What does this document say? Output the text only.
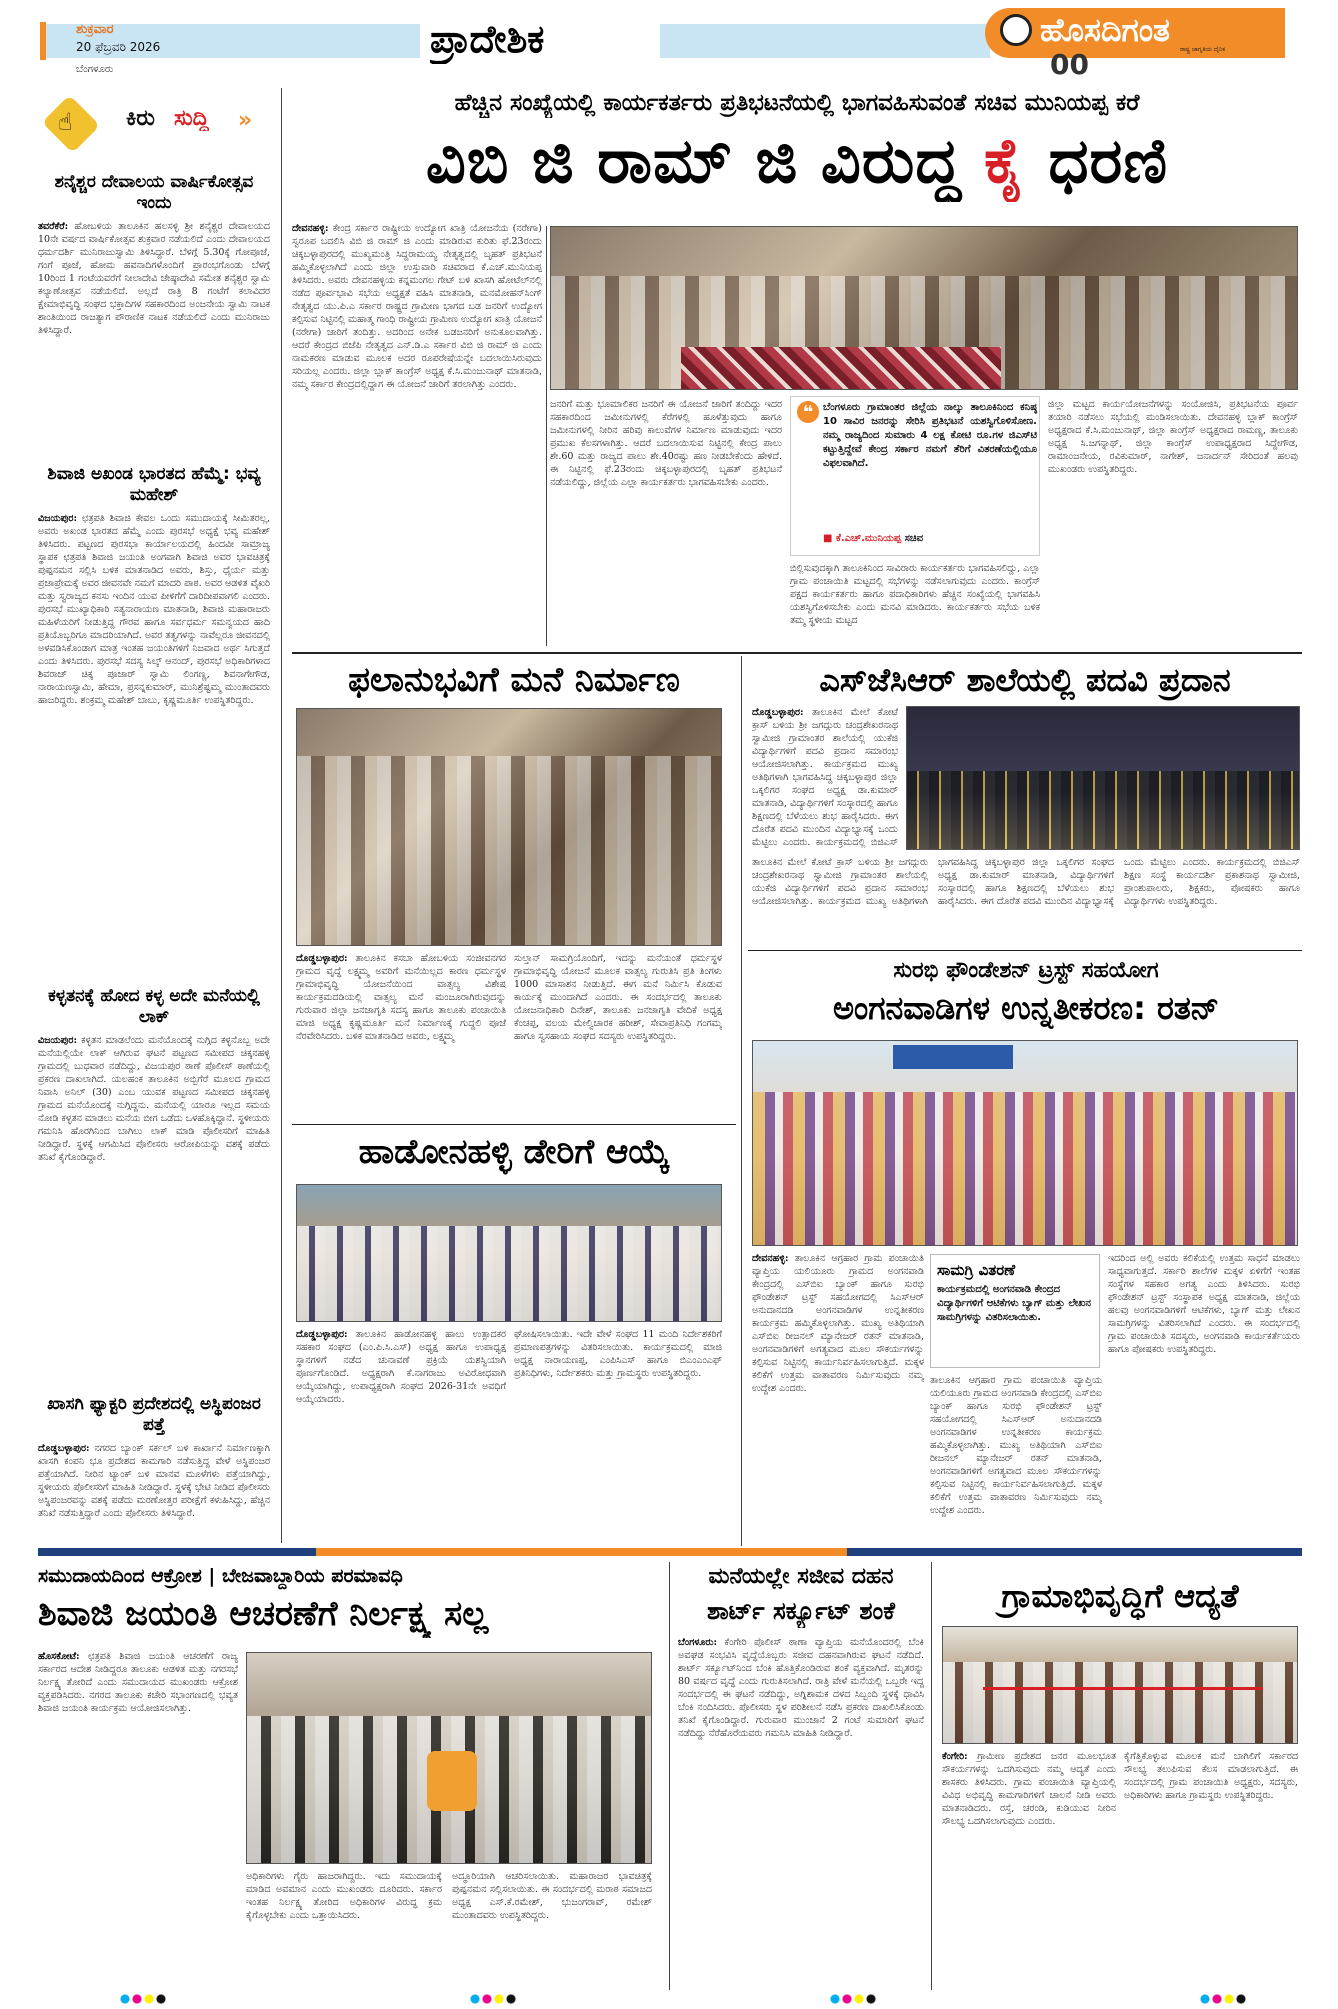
ಶುಕ್ರವಾರ
20 ಫೆಬ್ರವರಿ 2026
ಬೆಂಗಳೂರು
ಪ್ರಾದೇಶಿಕ	ಹೊಸದಿಗಂತ
ರಾಷ್ಟ್ರ ಜಾಗೃತಿಯ ದೈನಿಕ
00
☝ ಕಿರು ಸುದ್ದಿ »
ಶನೈಶ್ಚರ ದೇವಾಲಯ ವಾರ್ಷಿಕೋತ್ಸವ ಇಂದು
ತವರೆಕೆರೆ: ಹೋಬಳಿಯ ತಾಲೂಕಿನ ಹಲಸಳ್ಳಿ ಶ್ರೀ ಶನೈಶ್ಚರ ದೇವಾಲಯದ 10ನೇ ವರ್ಷದ ವಾರ್ಷಿಕೋತ್ಸವ ಶುಕ್ರವಾರ ನಡೆಯಲಿದೆ ಎಂದು ದೇವಾಲಯದ ಧರ್ಮದರ್ಶಿ ಮುನಿರಾಜುಸ್ವಾಮಿ ತಿಳಿಸಿದ್ದಾರೆ. ಬೆಳಗ್ಗೆ 5.30ಕ್ಕೆ ಗೋಪೂಜೆ, ಗಂಗೆ ಪೂಜೆ, ಹೋಮ ಹವನಾದಿಗಳೊಂದಿಗೆ ಪ್ರಾರಂಭಗೊಂಡು ಬೆಳಗ್ಗೆ 10ರಿಂದ 1 ಗಂಟೆಯವರೆಗೆ ನೀಲಾದೇವಿ ಜೇಷ್ಠಾದೇವಿ ಸಮೇತ ಶನೈಶ್ಚರ ಸ್ವಾಮಿ ಕಲ್ಯಾಣೋತ್ಸವ ನಡೆಯಲಿದೆ. ಅಲ್ಲದೆ ರಾತ್ರಿ 8 ಗಂಟೆಗೆ ಕಲಾವಿದರ ಕ್ಷೇಮಾಭಿವೃದ್ಧಿ ಸಂಘದ ಭಕ್ತಾದಿಗಳ ಸಹಕಾರದಿಂದ ಅಂಜನೇಯ ಸ್ವಾಮಿ ನಾಟಕ ಶಾಂತಿಯಿಂದ ರಾಜತ್ಯಾಗ ಪೌರಾಣಿಕ ನಾಟಕ ನಡೆಯಲಿದೆ ಎಂದು ಮುನಿರಾಜು ತಿಳಿಸಿದ್ದಾರೆ.
ಶಿವಾಜಿ ಅಖಂಡ ಭಾರತದ ಹೆಮ್ಮೆ: ಭವ್ಯ ಮಹೇಶ್
ವಿಜಯಪುರ: ಛತ್ರಪತಿ ಶಿವಾಜಿ ಕೇವಲ ಒಂದು ಸಮುದಾಯಕ್ಕೆ ಸೀಮಿತರಲ್ಲ, ಅವರು ಅಖಂಡ ಭಾರತದ ಹೆಮ್ಮೆ ಎಂದು ಪುರಸಭೆ ಅಧ್ಯಕ್ಷೆ ಭವ್ಯ ಮಹೇಶ್ ತಿಳಿಸಿದರು. ಪಟ್ಟಣದ ಪುರಸಭಾ ಕಾರ್ಯಾಲಯದಲ್ಲಿ ಹಿಂದವೀ ಸಾಮ್ರಾಜ್ಯ ಸ್ಥಾಪಕ ಛತ್ರಪತಿ ಶಿವಾಜಿ ಜಯಂತಿ ಅಂಗವಾಗಿ ಶಿವಾಜಿ ಅವರ ಭಾವಚಿತ್ರಕ್ಕೆ ಪುಷ್ಪನಮನ ಸಲ್ಲಿಸಿ ಬಳಿಕ ಮಾತನಾಡಿದ ಅವರು, ಶಿಸ್ತು, ಧೈರ್ಯ ಮತ್ತು ಪ್ರಜಾಪ್ರೇಮಕ್ಕೆ ಅವರ ಜೀವನವೇ ನಮಗೆ ಮಾದರಿ ಪಾಠ. ಅವರ ಆಡಳಿತ ವೈಖರಿ ಮತ್ತು ಸ್ವರಾಜ್ಯದ ಕನಸು ಇಂದಿನ ಯುವ ಪೀಳಿಗೆಗೆ ದಾರಿದೀಪವಾಗಲಿ ಎಂದರು. ಪುರಸಭೆ ಮುಖ್ಯಾಧಿಕಾರಿ ಸತ್ಯನಾರಾಯಣ ಮಾತನಾಡಿ, ಶಿವಾಜಿ ಮಹಾರಾಜರು ಮಹಿಳೆಯರಿಗೆ ನೀಡುತ್ತಿದ್ದ ಗೌರವ ಹಾಗೂ ಸರ್ವಧರ್ಮ ಸಮನ್ವಯದ ಹಾದಿ ಪ್ರತಿಯೊಬ್ಬರಿಗೂ ಮಾದರಿಯಾಗಿದೆ. ಅವರ ತತ್ವಗಳನ್ನು ನಾವೆಲ್ಲರೂ ಜೀವನದಲ್ಲಿ ಅಳವಡಿಸಿಕೊಂಡಾಗ ಮಾತ್ರ ಇಂತಹ ಜಯಂತಿಗಳಿಗೆ ನಿಜವಾದ ಅರ್ಥ ಸಿಗುತ್ತದೆ ಎಂದು ತಿಳಿಸಿದರು. ಪುರಸಭೆ ಸದಸ್ಯ ಸಿಲ್ಕ್ ಆನಂದ್, ಪುರಸಭೆ ಅಧಿಕಾರಿಗಳಾದ ಶಿವರಾಜ್ ಚಿಕ್ಕ ಪೂಜಾರ್ ಸ್ವಾಮಿ ಲಿಂಗಣ್ಣ, ಶಿವನಾಗೇಗೌಡ, ನಾರಾಯಣಸ್ವಾಮಿ, ಹೇಮಾ, ಪ್ರಸನ್ನಕುಮಾರ್, ಮುನಿಶ್ರೆಷ್ಟಮ್ಮ ಮುಂತಾದವರು ಹಾಜರಿದ್ದರು. ಶಂಕ್ರಮ್ಮ ಮಹೇಶ್ ಬಾಬು, ಕೃಷ್ಣಮೂರ್ತಿ ಉಪಸ್ಥಿತರಿದ್ದರು.
ಕಳ್ಳತನಕ್ಕೆ ಹೋದ ಕಳ್ಳ ಅದೇ ಮನೆಯಲ್ಲಿ ಲಾಕ್
ವಿಜಯಪುರ: ಕಳ್ಳತನ ಮಾಡಲೆಂದು ಮನೆಯೊಂದಕ್ಕೆ ನುಗ್ಗಿದ ಕಳ್ಳನೊಬ್ಬ ಅದೇ ಮನೆಯಲ್ಲಿಯೇ ಲಾಕ್ ಆಗಿರುವ ಘಟನೆ ಪಟ್ಟಣದ ಸಮೀಪದ ಚಿಕ್ಕನಹಳ್ಳಿ ಗ್ರಾಮದಲ್ಲಿ ಬುಧವಾರ ನಡೆದಿದ್ದು, ವಿಜಯಪುರ ಠಾಣೆ ಪೊಲೀಸ್ ಠಾಣೆಯಲ್ಲಿ ಪ್ರಕರಣ ದಾಖಲಾಗಿದೆ. ಯಲಹಂಕ ತಾಲೂಕಿನ ಅಬ್ಬಿಗೆರೆ ಮೂಲದ ಗ್ರಾಮದ ನಿವಾಸಿ ಅನಿಲ್ (30) ಎಂಬ ಯುವಕ ಪಟ್ಟಣದ ಸಮೀಪದ ಚಿಕ್ಕನಹಳ್ಳಿ ಗ್ರಾಮದ ಮನೆಯೊಂದಕ್ಕೆ ನುಗ್ಗಿದ್ದನು. ಮನೆಯಲ್ಲಿ ಯಾರೂ ಇಲ್ಲದ ಸಮಯ ನೋಡಿ ಕಳ್ಳತನ ಮಾಡಲು ಮನೆಯ ಬೀಗ ಒಡೆದು ಒಳಹೊಕ್ಕಿದ್ದಾನೆ. ಸ್ಥಳೀಯರು ಗಮನಿಸಿ ಹೊರಗಿನಿಂದ ಬಾಗಿಲು ಲಾಕ್ ಮಾಡಿ ಪೊಲೀಸರಿಗೆ ಮಾಹಿತಿ ನೀಡಿದ್ದಾರೆ. ಸ್ಥಳಕ್ಕೆ ಆಗಮಿಸಿದ ಪೊಲೀಸರು ಆರೋಪಿಯನ್ನು ವಶಕ್ಕೆ ಪಡೆದು ತನಿಖೆ ಕೈಗೊಂಡಿದ್ದಾರೆ.
ಖಾಸಗಿ ಫ್ಯಾಕ್ಟರಿ ಪ್ರದೇಶದಲ್ಲಿ ಅಸ್ಥಿಪಂಜರ ಪತ್ತೆ
ದೊಡ್ಡಬಳ್ಳಾಪುರ: ನಗರದ ಬ್ಯಾಂಕ್ ಸರ್ಕಲ್ ಬಳಿ ಕಾರ್ಖಾನೆ ನಿರ್ಮಾಣಕ್ಕಾಗಿ ಖಾಸಗಿ ಕಂಪನಿ ಭೂ ಪ್ರದೇಶದ ಕಾಮಗಾರಿ ನಡೆಸುತ್ತಿದ್ದ ವೇಳೆ ಅಸ್ಥಿಪಂಜರ ಪತ್ತೆಯಾಗಿದೆ. ನೀರಿನ ಟ್ಯಾಂಕ್ ಬಳಿ ಮಾನವ ಮೂಳೆಗಳು ಪತ್ತೆಯಾಗಿದ್ದು, ಸ್ಥಳೀಯರು ಪೊಲೀಸರಿಗೆ ಮಾಹಿತಿ ನೀಡಿದ್ದಾರೆ. ಸ್ಥಳಕ್ಕೆ ಭೇಟಿ ನೀಡಿದ ಪೊಲೀಸರು ಅಸ್ಥಿಪಂಜರವನ್ನು ವಶಕ್ಕೆ ಪಡೆದು ಮರಣೋತ್ತರ ಪರೀಕ್ಷೆಗೆ ಕಳುಹಿಸಿದ್ದು, ಹೆಚ್ಚಿನ ತನಿಖೆ ನಡೆಸುತ್ತಿದ್ದಾರೆ ಎಂದು ಪೊಲೀಸರು ತಿಳಿಸಿದ್ದಾರೆ.
ಹೆಚ್ಚಿನ ಸಂಖ್ಯೆಯಲ್ಲಿ ಕಾರ್ಯಕರ್ತರು ಪ್ರತಿಭಟನೆಯಲ್ಲಿ ಭಾಗವಹಿಸುವಂತೆ ಸಚಿವ ಮುನಿಯಪ್ಪ ಕರೆ
ವಿಬಿ ಜಿ ರಾಮ್ ಜಿ ವಿರುದ್ಧ ಕೈ ಧರಣಿ
ದೇವನಹಳ್ಳಿ: ಕೇಂದ್ರ ಸರ್ಕಾರ ರಾಷ್ಟ್ರೀಯ ಉದ್ಯೋಗ ಖಾತ್ರಿ ಯೋಜನೆಯ (ನರೇಗಾ) ಸ್ವರೂಪ ಬದಲಿಸಿ ವಿಬಿ ಜಿ ರಾಮ್ ಜಿ ಎಂದು ಮಾಡಿರುವ ಕುರಿತು ಫೆ.23ರಂದು ಚಿಕ್ಕಬಳ್ಳಾಪುರದಲ್ಲಿ ಮುಖ್ಯಮಂತ್ರಿ ಸಿದ್ದರಾಮಯ್ಯ ನೇತೃತ್ವದಲ್ಲಿ ಬೃಹತ್ ಪ್ರತಿಭಟನೆ ಹಮ್ಮಿಕೊಳ್ಳಲಾಗಿದೆ ಎಂದು ಜಿಲ್ಲಾ ಉಸ್ತುವಾರಿ ಸಚಿವರಾದ ಕೆ.ಎಚ್.ಮುನಿಯಪ್ಪ ತಿಳಿಸಿದರು. ಅವರು ದೇವನಹಳ್ಳಿಯ ಕನ್ನಮಂಗಲ ಗೇಟ್ ಬಳಿ ಖಾಸಗಿ ಹೋಟೆಲ್‌ನಲ್ಲಿ ನಡೆದ ಪೂರ್ವಭಾವಿ ಸಭೆಯ ಅಧ್ಯಕ್ಷತೆ ವಹಿಸಿ ಮಾತನಾಡಿ, ಮನಮೋಹನ್‌ಸಿಂಗ್ ನೇತೃತ್ವದ ಯು.ಪಿ.ಎ ಸರ್ಕಾರ ರಾಷ್ಟ್ರದ ಗ್ರಾಮೀಣ ಭಾಗದ ಬಡ ಜನರಿಗೆ ಉದ್ಯೋಗ ಕಲ್ಪಿಸುವ ನಿಟ್ಟಿನಲ್ಲಿ ಮಹಾತ್ಮ ಗಾಂಧಿ ರಾಷ್ಟ್ರೀಯ ಗ್ರಾಮೀಣ ಉದ್ಯೋಗ ಖಾತ್ರಿ ಯೋಜನೆ (ನರೇಗಾ) ಜಾರಿಗೆ ತಂದಿತ್ತು. ಅದರಿಂದ ಅನೇಕ ಬಡಜನರಿಗೆ ಅನುಕೂಲವಾಗಿತ್ತು. ಆದರೆ ಕೇಂದ್ರದ ಬಿಜೆಪಿ ನೇತೃತ್ವದ ಎನ್.ಡಿ.ಎ ಸರ್ಕಾರ ವಿಬಿ ಜಿ ರಾಮ್ ಜಿ ಎಂದು ನಾಮಕರಣ ಮಾಡುವ ಮೂಲಕ ಅದರ ರೂಪರೇಷೆಯನ್ನೇ ಬದಲಾಯಿಸಿರುವುದು ಸರಿಯಲ್ಲ ಎಂದರು. ಜಿಲ್ಲಾ ಬ್ಲಾಕ್ ಕಾಂಗ್ರೆಸ್ ಅಧ್ಯಕ್ಷ ಕೆ.ಸಿ.ಮಂಜುನಾಥ್ ಮಾತನಾಡಿ, ನಮ್ಮ ಸರ್ಕಾರ ಕೇಂದ್ರದಲ್ಲಿದ್ದಾಗ ಈ ಯೋಜನೆ ಜಾರಿಗೆ ತರಲಾಗಿತ್ತು ಎಂದರು.
ಜನರಿಗೆ ಮತ್ತು ಭೂಮಾಲಿಕರ ಜನರಿಗೆ ಈ ಯೋಜನೆ ಜಾರಿಗೆ ತಂದಿದ್ದು ಇದರ ಸಹಕಾರದಿಂದ ಜಮೀನುಗಳಲ್ಲಿ ಕೆರೆಗಳಲ್ಲಿ ಹೂಳೆತ್ತುವುದು ಹಾಗೂ ಜಮೀನುಗಳಲ್ಲಿ ನೀರಿನ ಹರಿವು ಕಾಲುವೆಗಳ ನಿರ್ಮಾಣ ಮಾಡುವುದು ಇದರ ಪ್ರಮುಖ ಕೆಲಸಗಳಾಗಿತ್ತು. ಆದರೆ ಬದಲಾಯಿಸುವ ನಿಟ್ಟಿನಲ್ಲಿ ಕೇಂದ್ರ ಪಾಲು ಶೇ.60 ಮತ್ತು ರಾಜ್ಯದ ಪಾಲು ಶೇ.40ರಷ್ಟು ಹಣ ನೀಡಬೇಕೆಂದು ಹೇಳಿದೆ. ಈ ನಿಟ್ಟಿನಲ್ಲಿ ಫೆ.23ರಂದು ಚಿಕ್ಕಬಳ್ಳಾಪುರದಲ್ಲಿ ಬೃಹತ್ ಪ್ರತಿಭಟನೆ ನಡೆಯಲಿದ್ದು, ಜಿಲ್ಲೆಯ ಎಲ್ಲಾ ಕಾರ್ಯಕರ್ತರು ಭಾಗವಹಿಸಬೇಕು ಎಂದರು.
❝ ಬೆಂಗಳೂರು ಗ್ರಾಮಾಂತರ ಜಿಲ್ಲೆಯ ನಾಲ್ಕು ತಾಲೂಕಿನಿಂದ ಕನಿಷ್ಠ 10 ಸಾವಿರ ಜನರನ್ನು ಸೇರಿಸಿ ಪ್ರತಿಭಟನೆ ಯಶಸ್ವಿಗೊಳಿಸೋಣ. ನಮ್ಮ ರಾಜ್ಯದಿಂದ ಸುಮಾರು 4 ಲಕ್ಷ ಕೋಟಿ ರೂ.ಗಳ ಜಿಎಸ್‌ಟಿ ಕಟ್ಟುತ್ತಿದ್ದೇವೆ ಕೇಂದ್ರ ಸರ್ಕಾರ ನಮಗೆ ತೆರಿಗೆ ವಿತರಣೆಯಲ್ಲಿಯೂ ವಿಫಲವಾಗಿದೆ.
■ ಕೆ.ಎಚ್.ಮುನಿಯಪ್ಪ ಸಚಿವ
ಬಿಲ್ಲಿಸುವುದಕ್ಕಾಗಿ ತಾಲೂಕಿನಿಂದ ಸಾವಿರಾರು ಕಾರ್ಯಕರ್ತರು ಭಾಗವಹಿಸಲಿದ್ದು, ಎಲ್ಲಾ ಗ್ರಾಮ ಪಂಚಾಯಿತಿ ಮಟ್ಟದಲ್ಲಿ ಸಭೆಗಳನ್ನು ನಡೆಸಲಾಗುವುದು ಎಂದರು. ಕಾಂಗ್ರೆಸ್ ಪಕ್ಷದ ಕಾರ್ಯಕರ್ತರು ಹಾಗೂ ಪದಾಧಿಕಾರಿಗಳು ಹೆಚ್ಚಿನ ಸಂಖ್ಯೆಯಲ್ಲಿ ಭಾಗವಹಿಸಿ ಯಶಸ್ವಿಗೊಳಿಸಬೇಕು ಎಂದು ಮನವಿ ಮಾಡಿದರು. ಕಾರ್ಯಕರ್ತರು ಸಭೆಯ ಬಳಿಕ ತಮ್ಮ ಸ್ಥಳೀಯ ಮಟ್ಟದ
ಜಿಲ್ಲಾ ಮಟ್ಟದ ಕಾರ್ಯಯೋಜನೆಗಳನ್ನು ಸಂಯೋಜಿಸಿ, ಪ್ರತಿಭಟನೆಯ ಪೂರ್ವ ತಯಾರಿ ನಡೆಸಲು ಸಭೆಯಲ್ಲಿ ಮಂಡಿಸಲಾಯಿತು. ದೇವನಹಳ್ಳಿ ಬ್ಲಾಕ್ ಕಾಂಗ್ರೆಸ್ ಅಧ್ಯಕ್ಷರಾದ ಕೆ.ಸಿ.ಮಂಜುನಾಥ್, ಜಿಲ್ಲಾ ಕಾಂಗ್ರೆಸ್ ಅಧ್ಯಕ್ಷರಾದ ರಾಮಣ್ಣ, ತಾಲೂಕು ಅಧ್ಯಕ್ಷ ಸಿ.ಜಗನ್ನಾಥ್, ಜಿಲ್ಲಾ ಕಾಂಗ್ರೆಸ್ ಉಪಾಧ್ಯಕ್ಷರಾದ ಸಿದ್ದೇಗೌಡ, ರಾಮಾಂಜನೇಯ, ರವಿಕುಮಾರ್, ನಾಗೇಶ್, ಜನಾರ್ದನ್ ಸೇರಿದಂತೆ ಹಲವು ಮುಖಂಡರು ಉಪಸ್ಥಿತರಿದ್ದರು.
ಫಲಾನುಭವಿಗೆ ಮನೆ ನಿರ್ಮಾಣ
ದೊಡ್ಡಬಳ್ಳಾಪುರ: ತಾಲೂಕಿನ ಕಸಬಾ ಹೋಬಳಿಯ ಸಂಜೀವನಗರ ಗ್ರಾಮದ ವೃದ್ಧೆ ಲಕ್ಷ್ಮಮ್ಮ ಅವರಿಗೆ ಮನೆಯಿಲ್ಲದ ಕಾರಣ ಧರ್ಮಸ್ಥಳ ಗ್ರಾಮಾಭಿವೃದ್ಧಿ ಯೋಜನೆಯಿಂದ ವಾತ್ಸಲ್ಯ ವಿಶೇಷ ಕಾರ್ಯಕ್ರಮದಡಿಯಲ್ಲಿ ವಾತ್ಸಲ್ಯ ಮನೆ ಮಂಜೂರಾಗಿರುವುದನ್ನು ಗುರುವಾರ ಜಿಲ್ಲಾ ಜನಜಾಗೃತಿ ಸದಸ್ಯ ಹಾಗೂ ತಾಲೂಕು ಪಂಚಾಯಿತಿ ಮಾಜಿ ಅಧ್ಯಕ್ಷ ಕೃಷ್ಣಮೂರ್ತಿ ಮನೆ ನಿರ್ಮಾಣಕ್ಕೆ ಗುದ್ದಲಿ ಪೂಜೆ ನೆರವೇರಿಸಿದರು. ಬಳಿಕ ಮಾತನಾಡಿದ ಅವರು, ಲಕ್ಷ್ಮಮ್ಮ
ಸುಲ್ತಾನ್ ಸಾಮಗ್ರಿಯೊಂದಿಗೆ, ಇದನ್ನು ಮನೆಯಂತೆ ಧರ್ಮಸ್ಥಳ ಗ್ರಾಮಾಭಿವೃದ್ಧಿ ಯೋಜನೆ ಮೂಲಕ ವಾತ್ಸಲ್ಯ ಗುರುತಿಸಿ ಪ್ರತಿ ತಿಂಗಳು 1000 ಮಾಸಾಶನ ನೀಡುತ್ತಿದೆ. ಈಗ ಮನೆ ನಿರ್ಮಿಸಿ ಕೊಡುವ ಕಾರ್ಯಕ್ಕೆ ಮುಂದಾಗಿದೆ ಎಂದರು. ಈ ಸಂದರ್ಭದಲ್ಲಿ ತಾಲೂಕು ಯೋಜನಾಧಿಕಾರಿ ದಿನೇಶ್, ತಾಲೂಕು ಜನಜಾಗೃತಿ ವೇದಿಕೆ ಅಧ್ಯಕ್ಷ ಕೆಂಚಪ್ಪ, ವಲಯ ಮೇಲ್ವಿಚಾರಕ ಹರೀಶ್, ಸೇವಾಪ್ರತಿನಿಧಿ ಗಂಗಮ್ಮ ಹಾಗೂ ಸ್ವಸಹಾಯ ಸಂಘದ ಸದಸ್ಯರು ಉಪಸ್ಥಿತರಿದ್ದರು.
ಎಸ್‌ಜೆಸಿಆರ್ ಶಾಲೆಯಲ್ಲಿ ಪದವಿ ಪ್ರದಾನ
ದೊಡ್ಡಬಳ್ಳಾಪುರ: ತಾಲೂಕಿನ ಮೇಲೆ ಕೋಟೆ ಕ್ರಾಸ್ ಬಳಿಯ ಶ್ರೀ ಜಗದ್ಗುರು ಚಂದ್ರಶೇಖರನಾಥ ಸ್ವಾಮೀಜಿ ಗ್ರಾಮಾಂತರ ಶಾಲೆಯಲ್ಲಿ ಯುಕೆಜಿ ವಿದ್ಯಾರ್ಥಿಗಳಿಗೆ ಪದವಿ ಪ್ರದಾನ ಸಮಾರಂಭ ಆಯೋಜಿಸಲಾಗಿತ್ತು. ಕಾರ್ಯಕ್ರಮದ ಮುಖ್ಯ ಅತಿಥಿಗಳಾಗಿ ಭಾಗವಹಿಸಿದ್ದ ಚಿಕ್ಕಬಳ್ಳಾಪುರ ಜಿಲ್ಲಾ ಒಕ್ಕಲಿಗರ ಸಂಘದ ಅಧ್ಯಕ್ಷ ಡಾ.ಕುಮಾರ್ ಮಾತನಾಡಿ, ವಿದ್ಯಾರ್ಥಿಗಳಿಗೆ ಸಂಸ್ಕಾರದಲ್ಲಿ ಹಾಗೂ ಶಿಕ್ಷಣದಲ್ಲಿ ಬೆಳೆಯಲು ಶುಭ ಹಾರೈಸಿದರು. ಈಗ ದೊರೆತ ಪದವಿ ಮುಂದಿನ ವಿದ್ಯಾಭ್ಯಾಸಕ್ಕೆ ಒಂದು ಮೆಟ್ಟಿಲು ಎಂದರು. ಕಾರ್ಯಕ್ರಮದಲ್ಲಿ ಬಿಜಿಎಸ್
ತಾಲೂಕಿನ ಮೇಲೆ ಕೋಟೆ ಕ್ರಾಸ್ ಬಳಿಯ ಶ್ರೀ ಜಗದ್ಗುರು ಚಂದ್ರಶೇಖರನಾಥ ಸ್ವಾಮೀಜಿ ಗ್ರಾಮಾಂತರ ಶಾಲೆಯಲ್ಲಿ ಯುಕೆಜಿ ವಿದ್ಯಾರ್ಥಿಗಳಿಗೆ ಪದವಿ ಪ್ರದಾನ ಸಮಾರಂಭ ಆಯೋಜಿಸಲಾಗಿತ್ತು. ಕಾರ್ಯಕ್ರಮದ ಮುಖ್ಯ ಅತಿಥಿಗಳಾಗಿ ಭಾಗವಹಿಸಿದ್ದ ಚಿಕ್ಕಬಳ್ಳಾಪುರ ಜಿಲ್ಲಾ ಒಕ್ಕಲಿಗರ ಸಂಘದ ಅಧ್ಯಕ್ಷ ಡಾ.ಕುಮಾರ್ ಮಾತನಾಡಿ, ವಿದ್ಯಾರ್ಥಿಗಳಿಗೆ ಸಂಸ್ಕಾರದಲ್ಲಿ ಹಾಗೂ ಶಿಕ್ಷಣದಲ್ಲಿ ಬೆಳೆಯಲು ಶುಭ ಹಾರೈಸಿದರು. ಈಗ ದೊರೆತ ಪದವಿ ಮುಂದಿನ ವಿದ್ಯಾಭ್ಯಾಸಕ್ಕೆ ಒಂದು ಮೆಟ್ಟಿಲು ಎಂದರು. ಕಾರ್ಯಕ್ರಮದಲ್ಲಿ ಬಿಜಿಎಸ್ ಶಿಕ್ಷಣ ಸಂಸ್ಥೆ ಕಾರ್ಯದರ್ಶಿ ಪ್ರಕಾಶನಾಥ ಸ್ವಾಮೀಜಿ, ಪ್ರಾಂಶುಪಾಲರು, ಶಿಕ್ಷಕರು, ಪೋಷಕರು ಹಾಗೂ ವಿದ್ಯಾರ್ಥಿಗಳು ಉಪಸ್ಥಿತರಿದ್ದರು.
ಸುರಭಿ ಫೌಂಡೇಶನ್ ಟ್ರಸ್ಟ್ ಸಹಯೋಗ
ಅಂಗನವಾಡಿಗಳ ಉನ್ನತೀಕರಣ: ರತನ್
ದೇವನಹಳ್ಳಿ: ತಾಲೂಕಿನ ಆಗ್ರಹಾರ ಗ್ರಾಮ ಪಂಚಾಯಿತಿ ವ್ಯಾಪ್ತಿಯ ಯಲಿಯೂರು ಗ್ರಾಮದ ಅಂಗನವಾಡಿ ಕೇಂದ್ರದಲ್ಲಿ ಎಸ್‌ಬಿಐ ಬ್ಯಾಂಕ್ ಹಾಗೂ ಸುರಭಿ ಫೌಂಡೇಶನ್ ಟ್ರಸ್ಟ್ ಸಹಯೋಗದಲ್ಲಿ ಸಿಎಸ್‌ಆರ್ ಅನುದಾನದಡಿ ಅಂಗನವಾಡಿಗಳ ಉನ್ನತೀಕರಣ ಕಾರ್ಯಕ್ರಮ ಹಮ್ಮಿಕೊಳ್ಳಲಾಗಿತ್ತು. ಮುಖ್ಯ ಅತಿಥಿಯಾಗಿ ಎಸ್‌ಬಿಐ ರೀಜನಲ್ ಮ್ಯಾನೇಜರ್ ರತನ್ ಮಾತನಾಡಿ, ಅಂಗನವಾಡಿಗಳಿಗೆ ಅಗತ್ಯವಾದ ಮೂಲ ಸೌಕರ್ಯಗಳನ್ನು ಕಲ್ಪಿಸುವ ನಿಟ್ಟಿನಲ್ಲಿ ಕಾರ್ಯನಿರ್ವಹಿಸಲಾಗುತ್ತಿದೆ. ಮಕ್ಕಳ ಕಲಿಕೆಗೆ ಉತ್ತಮ ವಾತಾವರಣ ನಿರ್ಮಿಸುವುದು ನಮ್ಮ ಉದ್ದೇಶ ಎಂದರು.
ಸಾಮಗ್ರಿ ವಿತರಣೆ
ಕಾರ್ಯಕ್ರಮದಲ್ಲಿ ಅಂಗನವಾಡಿ ಕೇಂದ್ರದ ವಿದ್ಯಾರ್ಥಿಗಳಿಗೆ ಆಟಿಕೆಗಳು ಬ್ಯಾಗ್ ಮತ್ತು ಲೇಖನ ಸಾಮಗ್ರಿಗಳನ್ನು ವಿತರಿಸಲಾಯಿತು.
ತಾಲೂಕಿನ ಆಗ್ರಹಾರ ಗ್ರಾಮ ಪಂಚಾಯಿತಿ ವ್ಯಾಪ್ತಿಯ ಯಲಿಯೂರು ಗ್ರಾಮದ ಅಂಗನವಾಡಿ ಕೇಂದ್ರದಲ್ಲಿ ಎಸ್‌ಬಿಐ ಬ್ಯಾಂಕ್ ಹಾಗೂ ಸುರಭಿ ಫೌಂಡೇಶನ್ ಟ್ರಸ್ಟ್ ಸಹಯೋಗದಲ್ಲಿ ಸಿಎಸ್‌ಆರ್ ಅನುದಾನದಡಿ ಅಂಗನವಾಡಿಗಳ ಉನ್ನತೀಕರಣ ಕಾರ್ಯಕ್ರಮ ಹಮ್ಮಿಕೊಳ್ಳಲಾಗಿತ್ತು. ಮುಖ್ಯ ಅತಿಥಿಯಾಗಿ ಎಸ್‌ಬಿಐ ರೀಜನಲ್ ಮ್ಯಾನೇಜರ್ ರತನ್ ಮಾತನಾಡಿ, ಅಂಗನವಾಡಿಗಳಿಗೆ ಅಗತ್ಯವಾದ ಮೂಲ ಸೌಕರ್ಯಗಳನ್ನು ಕಲ್ಪಿಸುವ ನಿಟ್ಟಿನಲ್ಲಿ ಕಾರ್ಯನಿರ್ವಹಿಸಲಾಗುತ್ತಿದೆ. ಮಕ್ಕಳ ಕಲಿಕೆಗೆ ಉತ್ತಮ ವಾತಾವರಣ ನಿರ್ಮಿಸುವುದು ನಮ್ಮ ಉದ್ದೇಶ ಎಂದರು.
ಇದರಿಂದ ಅಲ್ಲಿ ಅವರು ಕಲಿಕೆಯಲ್ಲಿ ಉತ್ತಮ ಸಾಧನೆ ಮಾಡಲು ಸಾಧ್ಯವಾಗುತ್ತದೆ. ಸರ್ಕಾರಿ ಶಾಲೆಗಳ ಮಕ್ಕಳ ಏಳಿಗೆಗೆ ಇಂತಹ ಸಂಸ್ಥೆಗಳ ಸಹಕಾರ ಅಗತ್ಯ ಎಂದು ತಿಳಿಸಿದರು. ಸುರಭಿ ಫೌಂಡೇಶನ್ ಟ್ರಸ್ಟ್ ಸಂಸ್ಥಾಪಕ ಅಧ್ಯಕ್ಷ ಮಾತನಾಡಿ, ಜಿಲ್ಲೆಯ ಹಲವು ಅಂಗನವಾಡಿಗಳಿಗೆ ಆಟಿಕೆಗಳು, ಬ್ಯಾಗ್ ಮತ್ತು ಲೇಖನ ಸಾಮಗ್ರಿಗಳನ್ನು ವಿತರಿಸಲಾಗಿದೆ ಎಂದರು. ಈ ಸಂದರ್ಭದಲ್ಲಿ ಗ್ರಾಮ ಪಂಚಾಯಿತಿ ಸದಸ್ಯರು, ಅಂಗನವಾಡಿ ಕಾರ್ಯಕರ್ತೆಯರು ಹಾಗೂ ಪೋಷಕರು ಉಪಸ್ಥಿತರಿದ್ದರು.
ಹಾಡೋನಹಳ್ಳಿ ಡೇರಿಗೆ ಆಯ್ಕೆ
ದೊಡ್ಡಬಳ್ಳಾಪುರ: ತಾಲೂಕಿನ ಹಾಡೋನಹಳ್ಳಿ ಹಾಲು ಉತ್ಪಾದಕರ ಸಹಕಾರ ಸಂಘದ (ಎಂ.ಪಿ.ಸಿ.ಎಸ್) ಅಧ್ಯಕ್ಷ ಹಾಗೂ ಉಪಾಧ್ಯಕ್ಷ ಸ್ಥಾನಗಳಿಗೆ ನಡೆದ ಚುನಾವಣೆ ಪ್ರಕ್ರಿಯೆ ಯಶಸ್ವಿಯಾಗಿ ಪೂರ್ಣಗೊಂಡಿದೆ. ಅಧ್ಯಕ್ಷರಾಗಿ ಕೆ.ನಾಗರಾಜು ಅವಿರೋಧವಾಗಿ ಆಯ್ಕೆಯಾಗಿದ್ದು, ಉಪಾಧ್ಯಕ್ಷರಾಗಿ ಸಂಘದ 2026-31ನೇ ಅವಧಿಗೆ ಆಯ್ಕೆಯಾದರು.
ಘೋಷಿಸಲಾಯಿತು. ಇದೇ ವೇಳೆ ಸಂಘದ 11 ಮಂದಿ ನಿರ್ದೇಶಕರಿಗೆ ಪ್ರಮಾಣಪತ್ರಗಳನ್ನು ವಿತರಿಸಲಾಯಿತು. ಕಾರ್ಯಕ್ರಮದಲ್ಲಿ ಮಾಜಿ ಅಧ್ಯಕ್ಷ ನಾರಾಯಣಪ್ಪ, ಎಂಪಿಸಿಎಸ್ ಹಾಗೂ ಬಿಎಂಎಂಎಫ್ ಪ್ರತಿನಿಧಿಗಳು, ನಿರ್ದೇಶಕರು ಮತ್ತು ಗ್ರಾಮಸ್ಥರು ಉಪಸ್ಥಿತರಿದ್ದರು.
ಸಮುದಾಯದಿಂದ ಆಕ್ರೋಶ | ಬೇಜವಾಬ್ದಾರಿಯ ಪರಮಾವಧಿ
ಶಿವಾಜಿ ಜಯಂತಿ ಆಚರಣೆಗೆ ನಿರ್ಲಕ್ಷ್ಯ ಸಲ್ಲ
ಹೊಸಕೋಟೆ: ಛತ್ರಪತಿ ಶಿವಾಜಿ ಜಯಂತಿ ಆಚರಣೆಗೆ ರಾಜ್ಯ ಸರ್ಕಾರದ ಆದೇಶ ನೀಡಿದ್ದರೂ ತಾಲೂಕು ಆಡಳಿತ ಮತ್ತು ನಗರಸಭೆ ನಿರ್ಲಕ್ಷ್ಯ ತೋರಿದೆ ಎಂದು ಸಮುದಾಯದ ಮುಖಂಡರು ಆಕ್ರೋಶ ವ್ಯಕ್ತಪಡಿಸಿದರು. ನಗರದ ತಾಲೂಕು ಕಚೇರಿ ಸಭಾಂಗಣದಲ್ಲಿ ಭವ್ಯತ ಶಿವಾಜಿ ಜಯಂತಿ ಕಾರ್ಯಕ್ರಮ ಆಯೋಜಿಸಲಾಗಿತ್ತು.
ಅಧಿಕಾರಿಗಳು ಗೈರು ಹಾಜರಾಗಿದ್ದರು. ಇದು ಸಮುದಾಯಕ್ಕೆ ಮಾಡಿದ ಅವಮಾನ ಎಂದು ಮುಖಂಡರು ದೂರಿದರು. ಸರ್ಕಾರ ಇಂತಹ ನಿರ್ಲಕ್ಷ್ಯ ತೋರಿದ ಅಧಿಕಾರಿಗಳ ವಿರುದ್ಧ ಕ್ರಮ ಕೈಗೊಳ್ಳಬೇಕು ಎಂದು ಒತ್ತಾಯಿಸಿದರು.
ಅದ್ಧೂರಿಯಾಗಿ ಆಚರಿಸಲಾಯಿತು. ಮಹಾರಾಜರ ಭಾವಚಿತ್ರಕ್ಕೆ ಪುಷ್ಪನಮನ ಸಲ್ಲಿಸಲಾಯಿತು. ಈ ಸಂದರ್ಭದಲ್ಲಿ ಮರಾಠ ಸಮಾಜದ ಅಧ್ಯಕ್ಷ ಎಸ್.ಕೆ.ರಮೇಶ್, ಭುಜಂಗರಾವ್, ರಮೇಶ್ ಮುಂತಾದವರು ಉಪಸ್ಥಿತರಿದ್ದರು.
ಮನೆಯಲ್ಲೇ ಸಜೀವ ದಹನ
ಶಾರ್ಟ್ ಸರ್ಕ್ಯೂಟ್ ಶಂಕೆ
ಬೆಂಗಳೂರು: ಕೆಂಗೇರಿ ಪೊಲೀಸ್ ಠಾಣಾ ವ್ಯಾಪ್ತಿಯ ಮನೆಯೊಂದರಲ್ಲಿ ಬೆಂಕಿ ಅವಘಡ ಸಂಭವಿಸಿ ವೃದ್ಧೆಯೊಬ್ಬರು ಸಜೀವ ದಹನವಾಗಿರುವ ಘಟನೆ ನಡೆದಿದೆ. ಶಾರ್ಟ್ ಸರ್ಕ್ಯೂಟ್‌ನಿಂದ ಬೆಂಕಿ ಹೊತ್ತಿಕೊಂಡಿರುವ ಶಂಕೆ ವ್ಯಕ್ತವಾಗಿದೆ. ಮೃತರನ್ನು 80 ವರ್ಷದ ವೃದ್ಧೆ ಎಂದು ಗುರುತಿಸಲಾಗಿದೆ. ರಾತ್ರಿ ವೇಳೆ ಮನೆಯಲ್ಲಿ ಒಬ್ಬರೇ ಇದ್ದ ಸಂದರ್ಭದಲ್ಲಿ ಈ ಘಟನೆ ನಡೆದಿದ್ದು, ಅಗ್ನಿಶಾಮಕ ದಳದ ಸಿಬ್ಬಂದಿ ಸ್ಥಳಕ್ಕೆ ಧಾವಿಸಿ ಬೆಂಕಿ ನಂದಿಸಿದರು. ಪೊಲೀಸರು ಸ್ಥಳ ಪರಿಶೀಲನೆ ನಡೆಸಿ ಪ್ರಕರಣ ದಾಖಲಿಸಿಕೊಂಡು ತನಿಖೆ ಕೈಗೊಂಡಿದ್ದಾರೆ. ಗುರುವಾರ ಮುಂಜಾನೆ 2 ಗಂಟೆ ಸುಮಾರಿಗೆ ಘಟನೆ ನಡೆದಿದ್ದು ನೆರೆಹೊರೆಯವರು ಗಮನಿಸಿ ಮಾಹಿತಿ ನೀಡಿದ್ದಾರೆ.
ಗ್ರಾಮಾಭಿವೃದ್ಧಿಗೆ ಆದ್ಯತೆ
ಕೆಂಗೇರಿ: ಗ್ರಾಮೀಣ ಪ್ರದೇಶದ ಜನರ ಮೂಲಭೂತ ಸೌಕರ್ಯಗಳನ್ನು ಒದಗಿಸುವುದು ನಮ್ಮ ಆದ್ಯತೆ ಎಂದು ಶಾಸಕರು ತಿಳಿಸಿದರು. ಗ್ರಾಮ ಪಂಚಾಯಿತಿ ವ್ಯಾಪ್ತಿಯಲ್ಲಿ ವಿವಿಧ ಅಭಿವೃದ್ಧಿ ಕಾಮಗಾರಿಗಳಿಗೆ ಚಾಲನೆ ನೀಡಿ ಅವರು ಮಾತನಾಡಿದರು. ರಸ್ತೆ, ಚರಂಡಿ, ಕುಡಿಯುವ ನೀರಿನ ಸೌಲಭ್ಯ ಒದಗಿಸಲಾಗುವುದು ಎಂದರು.
ಕೈಗೆತ್ತಿಕೊಳ್ಳುವ ಮೂಲಕ ಮನೆ ಬಾಗಿಲಿಗೆ ಸರ್ಕಾರದ ಸೌಲಭ್ಯ ತಲುಪಿಸುವ ಕೆಲಸ ಮಾಡಲಾಗುತ್ತಿದೆ. ಈ ಸಂದರ್ಭದಲ್ಲಿ ಗ್ರಾಮ ಪಂಚಾಯಿತಿ ಅಧ್ಯಕ್ಷರು, ಸದಸ್ಯರು, ಅಧಿಕಾರಿಗಳು ಹಾಗೂ ಗ್ರಾಮಸ್ಥರು ಉಪಸ್ಥಿತರಿದ್ದರು.
